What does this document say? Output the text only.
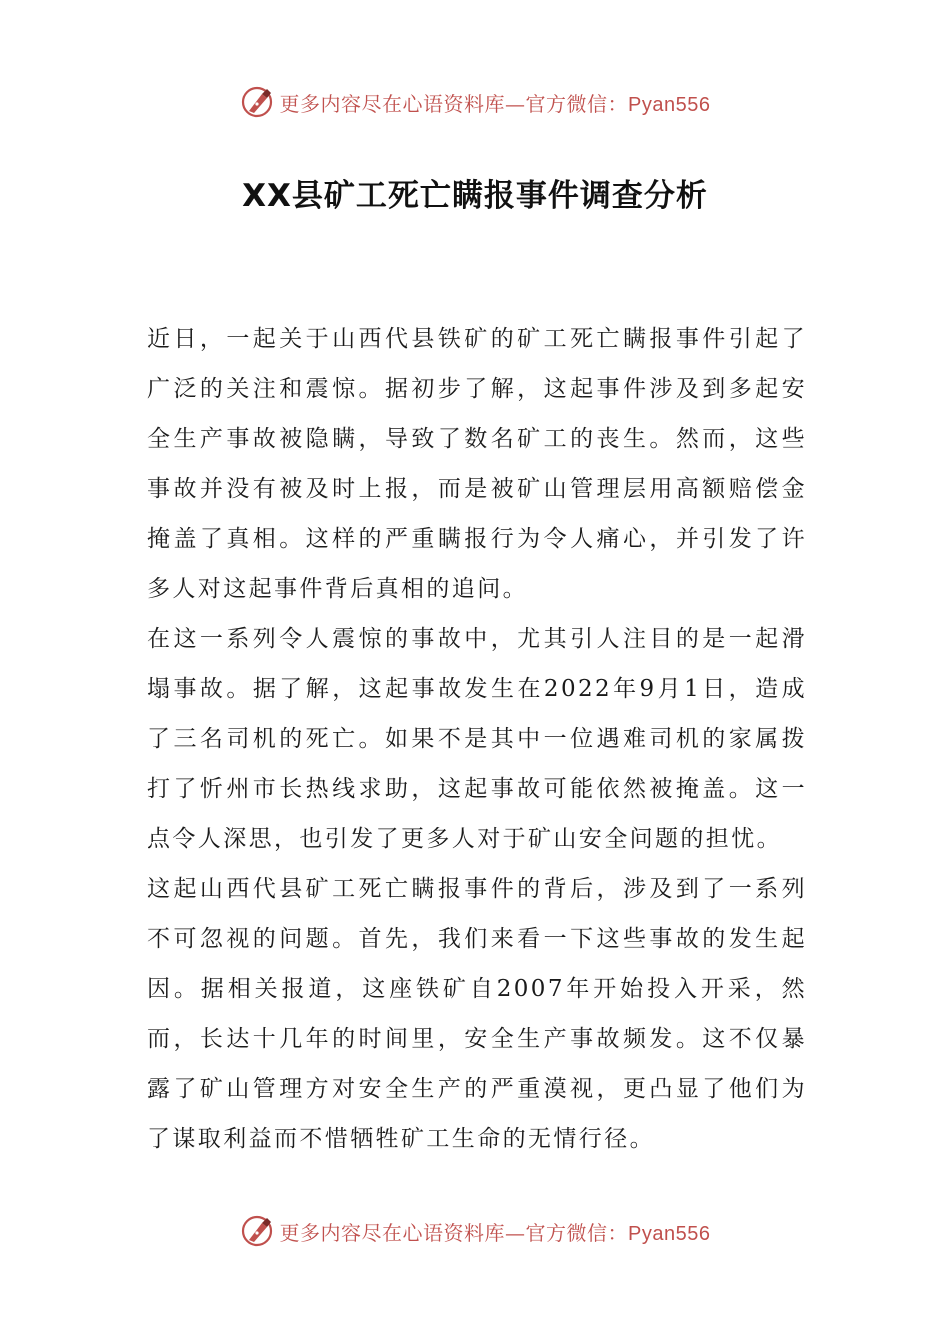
更多内容尽在心语资料库—官方微信：Pyan556
XX县矿工死亡瞒报事件调查分析

近日，一起关于山西代县铁矿的矿工死亡瞒报事件引起了广泛的关注和震惊。据初步了解，这起事件涉及到多起安全生产事故被隐瞒，导致了数名矿工的丧生。然而，这些事故并没有被及时上报，而是被矿山管理层用高额赔偿金掩盖了真相。这样的严重瞒报行为令人痛心，并引发了许多人对这起事件背后真相的追问。

在这一系列令人震惊的事故中，尤其引人注目的是一起滑塌事故。据了解，这起事故发生在2022年9月1日，造成了三名司机的死亡。如果不是其中一位遇难司机的家属拨打了忻州市长热线求助，这起事故可能依然被掩盖。这一点令人深思，也引发了更多人对于矿山安全问题的担忧。

这起山西代县矿工死亡瞒报事件的背后，涉及到了一系列不可忽视的问题。首先，我们来看一下这些事故的发生起因。据相关报道，这座铁矿自2007年开始投入开采，然而，长达十几年的时间里，安全生产事故频发。这不仅暴露了矿山管理方对安全生产的严重漠视，更凸显了他们为了谋取利益而不惜牺牲矿工生命的无情行径。

更多内容尽在心语资料库—官方微信：Pyan556
